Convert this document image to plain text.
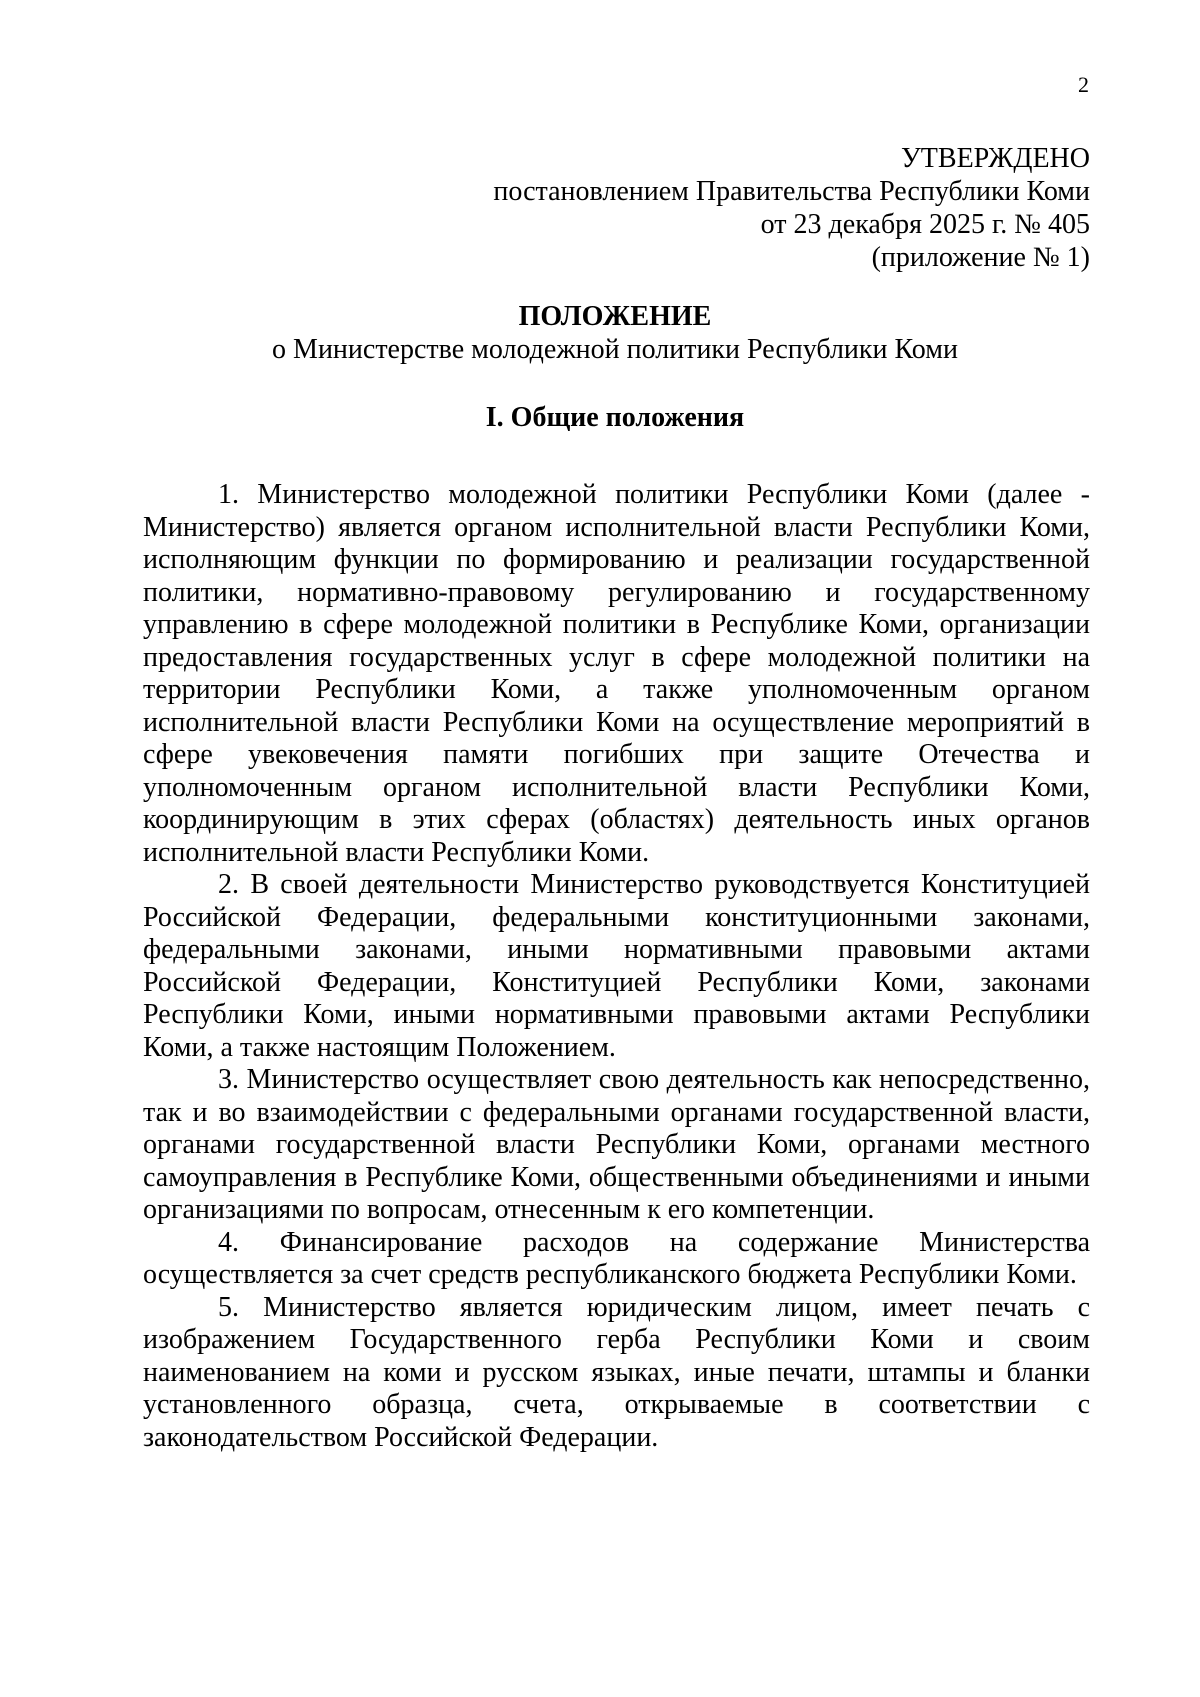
2
УТВЕРЖДЕНО
постановлением Правительства Республики Коми
от 23 декабря 2025 г. № 405
(приложение № 1)
ПОЛОЖЕНИЕ
о Министерстве молодежной политики Республики Коми
I. Общие положения

1. Министерство молодежной политики Республики Коми (далее - Министерство) является органом исполнительной власти Республики Коми, исполняющим функции по формированию и реализации государственной политики, нормативно-правовому регулированию и государственному управлению в сфере молодежной политики в Республике Коми, организации предоставления государственных услуг в сфере молодежной политики на территории Республики Коми, а также уполномоченным органом исполнительной власти Республики Коми на осуществление мероприятий в сфере увековечения памяти погибших при защите Отечества и уполномоченным органом исполнительной власти Республики Коми, координирующим в этих сферах (областях) деятельность иных органов исполнительной власти Республики Коми.

2. В своей деятельности Министерство руководствуется Конституцией Российской Федерации, федеральными конституционными законами, федеральными законами, иными нормативными правовыми актами Российской Федерации, Конституцией Республики Коми, законами Республики Коми, иными нормативными правовыми актами Республики Коми, а также настоящим Положением.

3. Министерство осуществляет свою деятельность как непосредственно, так и во взаимодействии с федеральными органами государственной власти, органами государственной власти Республики Коми, органами местного самоуправления в Республике Коми, общественными объединениями и иными организациями по вопросам, отнесенным к его компетенции.

4. Финансирование расходов на содержание Министерства осуществляется за счет средств республиканского бюджета Республики Коми.

5. Министерство является юридическим лицом, имеет печать с изображением Государственного герба Республики Коми и своим наименованием на коми и русском языках, иные печати, штампы и бланки установленного образца, счета, открываемые в соответствии с законодательством Российской Федерации.
